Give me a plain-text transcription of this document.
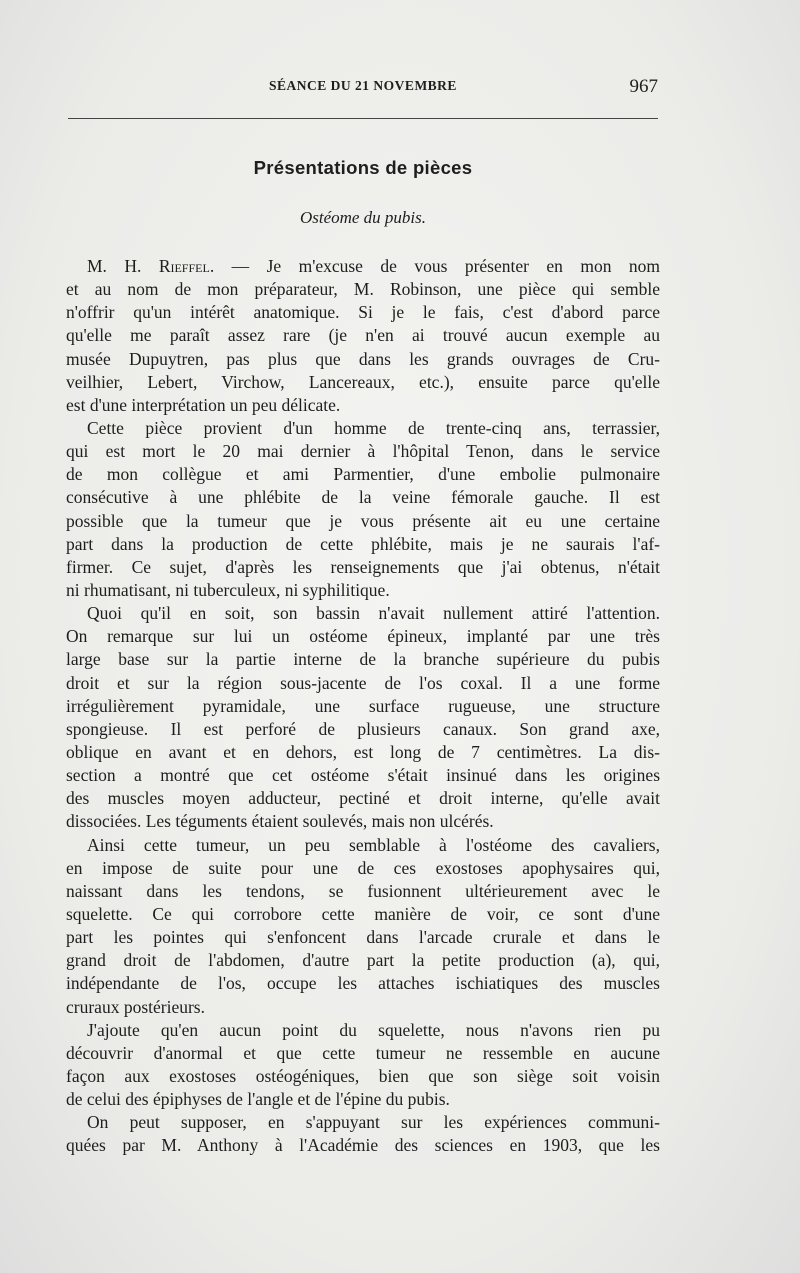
SÉANCE DU 21 NOVEMBRE	967
Présentations de pièces
Ostéome du pubis.
M. H. Rieffel. — Je m'excuse de vous présenter en mon nom
et au nom de mon préparateur, M. Robinson, une pièce qui semble
n'offrir qu'un intérêt anatomique. Si je le fais, c'est d'abord parce
qu'elle me paraît assez rare (je n'en ai trouvé aucun exemple au
musée Dupuytren, pas plus que dans les grands ouvrages de Cru-
veilhier, Lebert, Virchow, Lancereaux, etc.), ensuite parce qu'elle
est d'une interprétation un peu délicate.
Cette pièce provient d'un homme de trente-cinq ans, terrassier,
qui est mort le 20 mai dernier à l'hôpital Tenon, dans le service
de mon collègue et ami Parmentier, d'une embolie pulmonaire
consécutive à une phlébite de la veine fémorale gauche. Il est
possible que la tumeur que je vous présente ait eu une certaine
part dans la production de cette phlébite, mais je ne saurais l'af-
firmer. Ce sujet, d'après les renseignements que j'ai obtenus, n'était
ni rhumatisant, ni tuberculeux, ni syphilitique.
Quoi qu'il en soit, son bassin n'avait nullement attiré l'attention.
On remarque sur lui un ostéome épineux, implanté par une très
large base sur la partie interne de la branche supérieure du pubis
droit et sur la région sous-jacente de l'os coxal. Il a une forme
irrégulièrement pyramidale, une surface rugueuse, une structure
spongieuse. Il est perforé de plusieurs canaux. Son grand axe,
oblique en avant et en dehors, est long de 7 centimètres. La dis-
section a montré que cet ostéome s'était insinué dans les origines
des muscles moyen adducteur, pectiné et droit interne, qu'elle avait
dissociées. Les téguments étaient soulevés, mais non ulcérés.
Ainsi cette tumeur, un peu semblable à l'ostéome des cavaliers,
en impose de suite pour une de ces exostoses apophysaires qui,
naissant dans les tendons, se fusionnent ultérieurement avec le
squelette. Ce qui corrobore cette manière de voir, ce sont d'une
part les pointes qui s'enfoncent dans l'arcade crurale et dans le
grand droit de l'abdomen, d'autre part la petite production (a), qui,
indépendante de l'os, occupe les attaches ischiatiques des muscles
cruraux postérieurs.
J'ajoute qu'en aucun point du squelette, nous n'avons rien pu
découvrir d'anormal et que cette tumeur ne ressemble en aucune
façon aux exostoses ostéogéniques, bien que son siège soit voisin
de celui des épiphyses de l'angle et de l'épine du pubis.
On peut supposer, en s'appuyant sur les expériences communi-
quées par M. Anthony à l'Académie des sciences en 1903, que les
